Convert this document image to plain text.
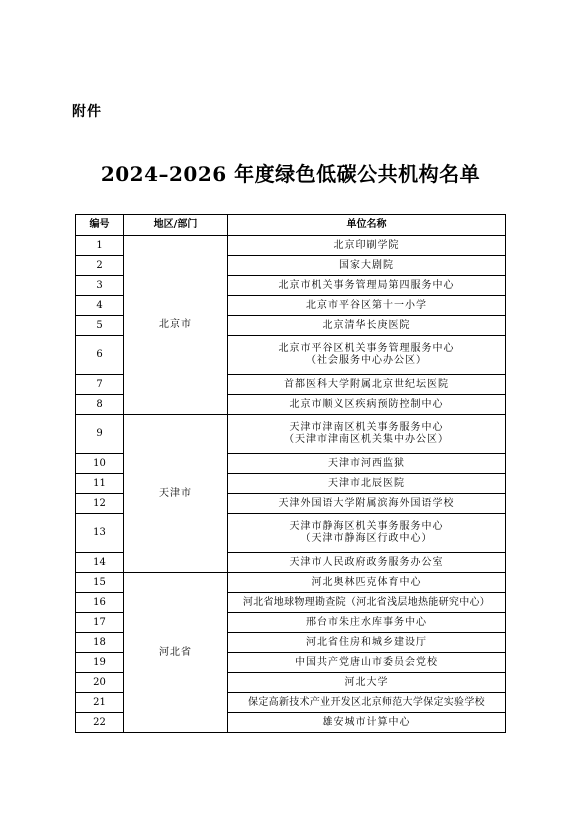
附件
2024–2026 年度绿色低碳公共机构名单
编号	地区/部门	单位名称
1	北京市	北京印刷学院

2		国家大剧院

3		北京市机关事务管理局第四服务中心

4		北京市平谷区第十一小学

5		北京清华长庚医院

6		北京市平谷区机关事务管理服务中心
（社会服务中心办公区）

7		首都医科大学附属北京世纪坛医院

8		北京市顺义区疾病预防控制中心

9	天津市	天津市津南区机关事务服务中心
（天津市津南区机关集中办公区）

10		天津市河西监狱

11		天津市北辰医院

12		天津外国语大学附属滨海外国语学校

13		天津市静海区机关事务服务中心
（天津市静海区行政中心）

14		天津市人民政府政务服务办公室

15	河北省	河北奥林匹克体育中心

16		河北省地球物理勘查院（河北省浅层地热能研究中心）

17		邢台市朱庄水库事务中心

18		河北省住房和城乡建设厅

19		中国共产党唐山市委员会党校

20		河北大学

21		保定高新技术产业开发区北京师范大学保定实验学校

22		雄安城市计算中心
